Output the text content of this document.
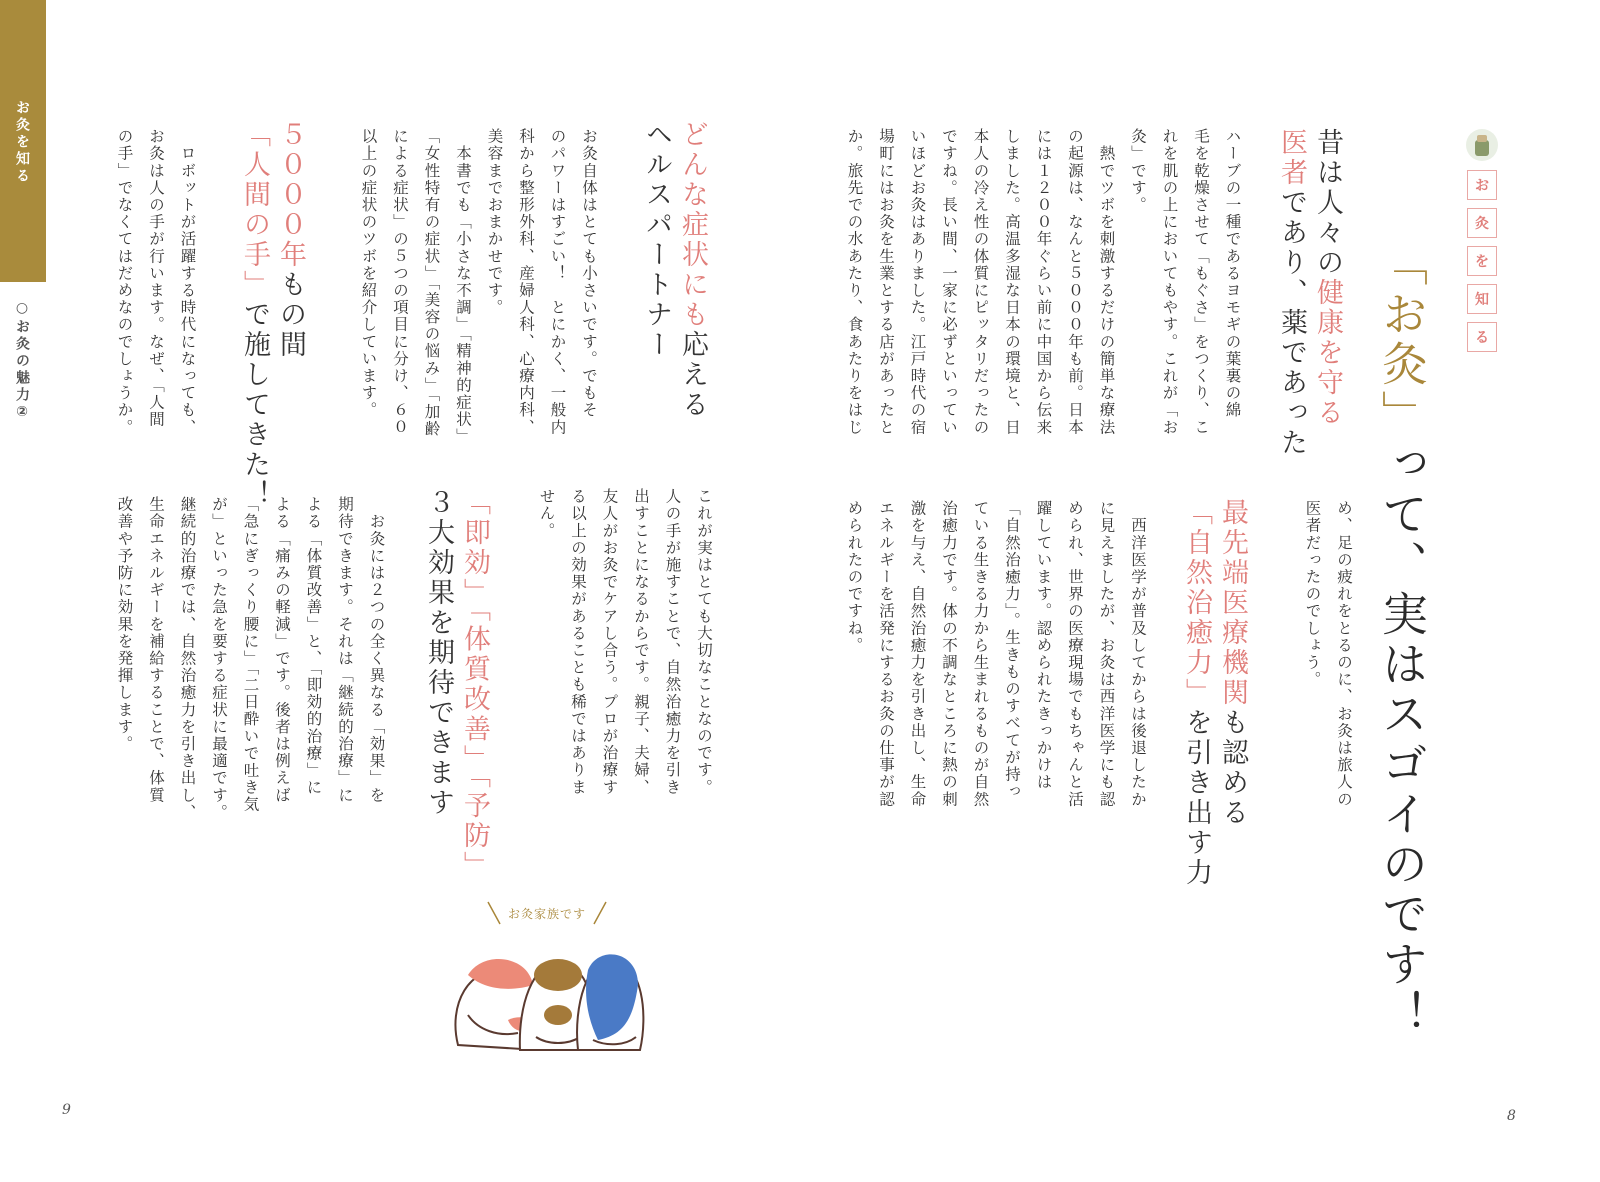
お灸を知る
○お灸の魅力②
お
灸
を
知
る
「お灸」って、実はスゴイのです！
昔は人々の健康を守る
医者であり、薬であった
ハーブの一種であるヨモギの葉裏の綿
毛を乾燥させて「もぐさ」をつくり、こ
れを肌の上においてもやす。これが「お
灸」です。
　熱でツボを刺激するだけの簡単な療法
の起源は、なんと５０００年も前。日本
には１２００年ぐらい前に中国から伝来
しました。高温多湿な日本の環境と、日
本人の冷え性の体質にピッタリだったの
ですね。長い間、一家に必ずといってい
いほどお灸はありました。江戸時代の宿
場町にはお灸を生業とする店があったと
か。旅先での水あたり、食あたりをはじ
め、足の疲れをとるのに、お灸は旅人の
医者だったのでしょう。
最先端医療機関も認める
「自然治癒力」を引き出す力
　西洋医学が普及してからは後退したか
に見えましたが、お灸は西洋医学にも認
められ、世界の医療現場でもちゃんと活
躍しています。認められたきっかけは
「自然治癒力」。生きものすべてが持っ
ている生きる力から生まれるものが自然
治癒力です。体の不調なところに熱の刺
激を与え、自然治癒力を引き出し、生命
エネルギーを活発にするお灸の仕事が認
められたのですね。
どんな症状にも応える
ヘルスパートナー
お灸自体はとても小さいです。でもそ
のパワーはすごい！　とにかく、一般内
科から整形外科、産婦人科、心療内科、
美容までおまかせです。
　本書でも「小さな不調」「精神的症状」
「女性特有の症状」「美容の悩み」「加齢
による症状」の５つの項目に分け、６０
以上の症状のツボを紹介しています。
５０００年もの間
「人間の手」で施してきた！
　ロボットが活躍する時代になっても、
お灸は人の手が行います。なぜ、「人間
の手」でなくてはだめなのでしょうか。
これが実はとても大切なことなのです。
人の手が施すことで、自然治癒力を引き
出すことになるからです。親子、夫婦、
友人がお灸でケアし合う。プロが治療す
る以上の効果があることも稀ではありま
せん。
「即効」「体質改善」「予防」
３大効果を期待できます
　お灸には２つの全く異なる「効果」を
期待できます。それは「継続的治療」に
よる「体質改善」と、「即効的治療」に
よる「痛みの軽減」です。後者は例えば
「急にぎっくり腰に」「二日酔いで吐き気
が」といった急を要する症状に最適です。
継続的治療では、自然治癒力を引き出し、
生命エネルギーを補給することで、体質
改善や予防に効果を発揮します。
お灸家族です
9	8
